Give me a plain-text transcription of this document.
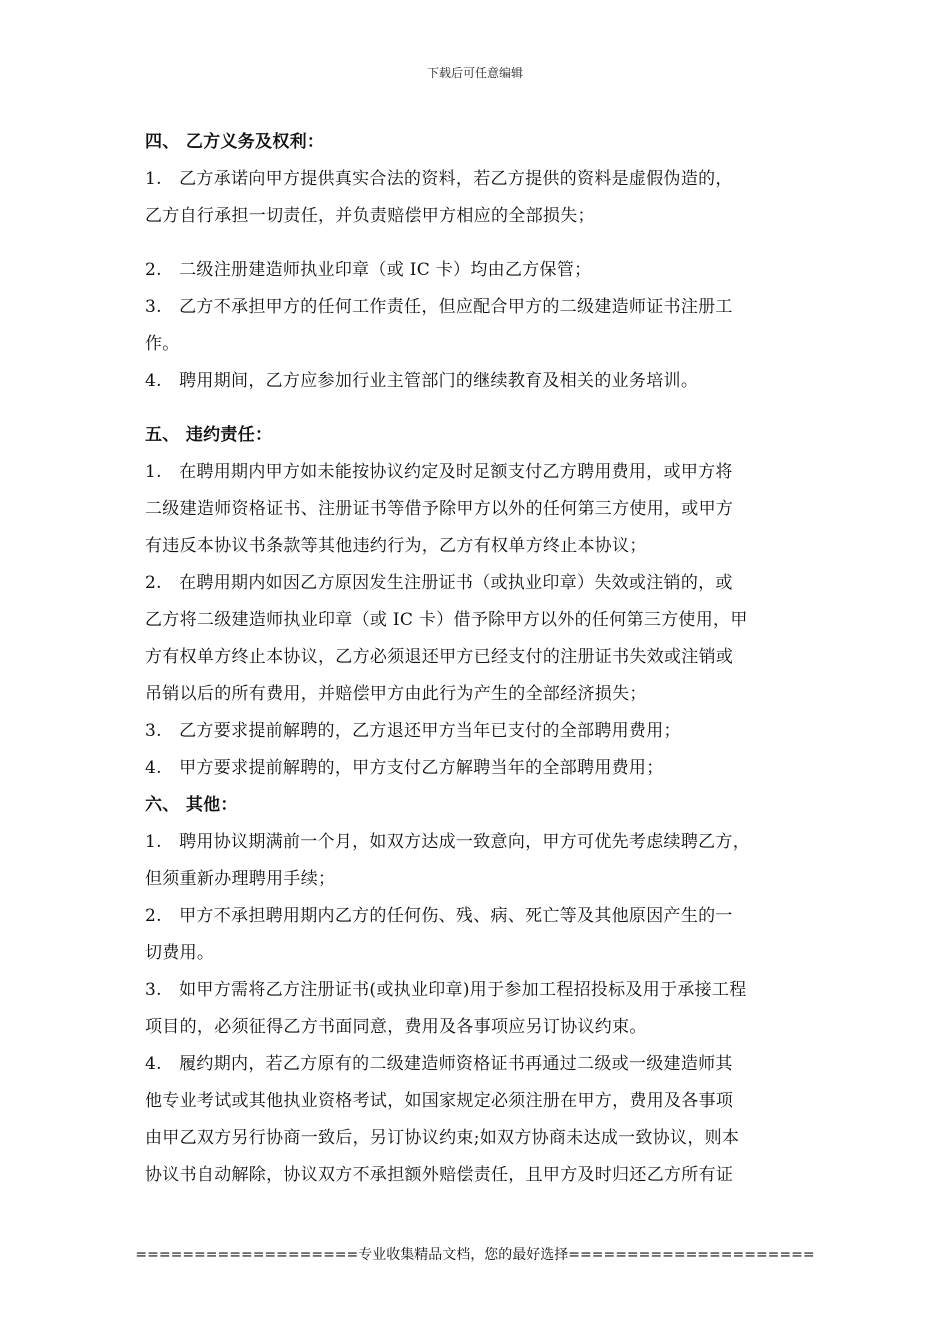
下载后可任意编辑
四、 乙方义务及权利：
1.　乙方承诺向甲方提供真实合法的资料，若乙方提供的资料是虚假伪造的，
乙方自行承担一切责任，并负责赔偿甲方相应的全部损失；
2.　二级注册建造师执业印章（或 IC 卡）均由乙方保管；
3.　乙方不承担甲方的任何工作责任，但应配合甲方的二级建造师证书注册工
作。
4.　聘用期间，乙方应参加行业主管部门的继续教育及相关的业务培训。
五、 违约责任：
1.　在聘用期内甲方如未能按协议约定及时足额支付乙方聘用费用，或甲方将
二级建造师资格证书、注册证书等借予除甲方以外的任何第三方使用，或甲方
有违反本协议书条款等其他违约行为，乙方有权单方终止本协议；
2.　在聘用期内如因乙方原因发生注册证书（或执业印章）失效或注销的，或
乙方将二级建造师执业印章（或 IC 卡）借予除甲方以外的任何第三方使用，甲
方有权单方终止本协议，乙方必须退还甲方已经支付的注册证书失效或注销或
吊销以后的所有费用，并赔偿甲方由此行为产生的全部经济损失；
3.　乙方要求提前解聘的，乙方退还甲方当年已支付的全部聘用费用；
4.　甲方要求提前解聘的，甲方支付乙方解聘当年的全部聘用费用；
六、 其他：
1.　聘用协议期满前一个月，如双方达成一致意向，甲方可优先考虑续聘乙方，
但须重新办理聘用手续；
2.　甲方不承担聘用期内乙方的任何伤、残、病、死亡等及其他原因产生的一
切费用。
3.　如甲方需将乙方注册证书(或执业印章)用于参加工程招投标及用于承接工程
项目的，必须征得乙方书面同意，费用及各事项应另订协议约束。
4.　履约期内，若乙方原有的二级建造师资格证书再通过二级或一级建造师其
他专业考试或其他执业资格考试，如国家规定必须注册在甲方，费用及各事项
由甲乙双方另行协商一致后，另订协议约束;如双方协商未达成一致协议，则本
协议书自动解除，协议双方不承担额外赔偿责任，且甲方及时归还乙方所有证
===================专业收集精品文档，您的最好选择=====================
